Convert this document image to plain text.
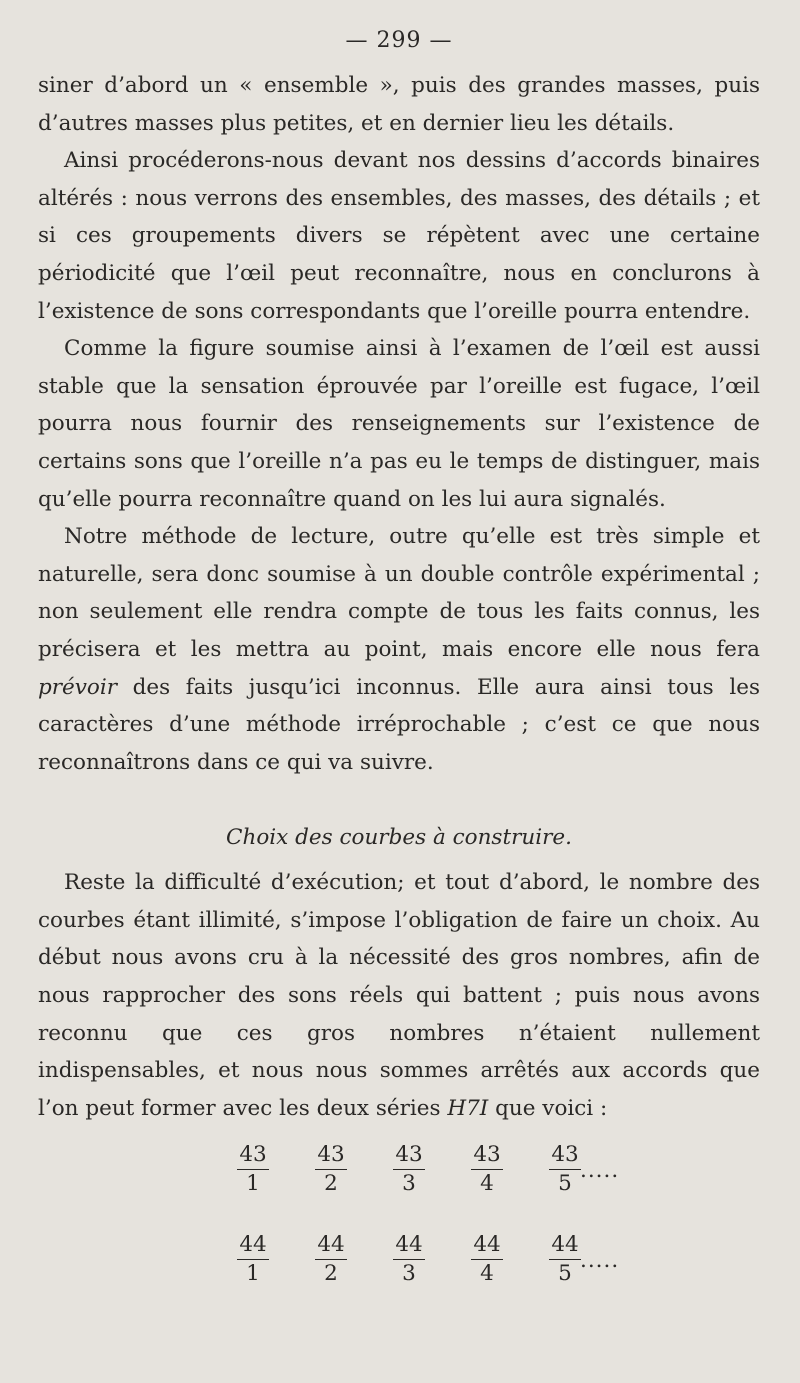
— 299 —

siner d’abord un « ensemble », puis des grandes masses, puis d’autres masses plus petites, et en dernier lieu les détails.

Ainsi procéderons-nous devant nos dessins d’accords binaires altérés : nous verrons des ensembles, des masses, des détails ; et si ces groupements divers se répètent avec une certaine périodicité que l’œil peut reconnaître, nous en conclurons à l’existence de sons correspondants que l’oreille pourra entendre.

Comme la figure soumise ainsi à l’examen de l’œil est aussi stable que la sensation éprouvée par l’oreille est fugace, l’œil pourra nous fournir des renseignements sur l’existence de certains sons que l’oreille n’a pas eu le temps de distinguer, mais qu’elle pourra reconnaître quand on les lui aura signalés.

Notre méthode de lecture, outre qu’elle est très simple et naturelle, sera donc soumise à un double contrôle expérimental ; non seulement elle rendra compte de tous les faits connus, les précisera et les mettra au point, mais encore elle nous fera prévoir des faits jusqu’ici inconnus. Elle aura ainsi tous les caractères d’une méthode irréprochable ; c’est ce que nous reconnaîtrons dans ce qui va suivre.

Choix des courbes à construire.

Reste la difficulté d’exécution; et tout d’abord, le nombre des courbes étant illimité, s’impose l’obligation de faire un choix. Au début nous avons cru à la nécessité des gros nombres, afin de nous rapprocher des sons réels qui battent ; puis nous avons reconnu que ces gros nombres n’étaient nullement indispensables, et nous nous sommes arrêtés aux accords que l’on peut former avec les deux séries H7I que voici :

$\frac{43}{1} \frac{43}{2} \frac{43}{3} \frac{43}{4} \frac{43}{5}$
.....
$\frac{44}{1} \frac{44}{2} \frac{44}{3} \frac{44}{4} \frac{44}{5}$
.....
